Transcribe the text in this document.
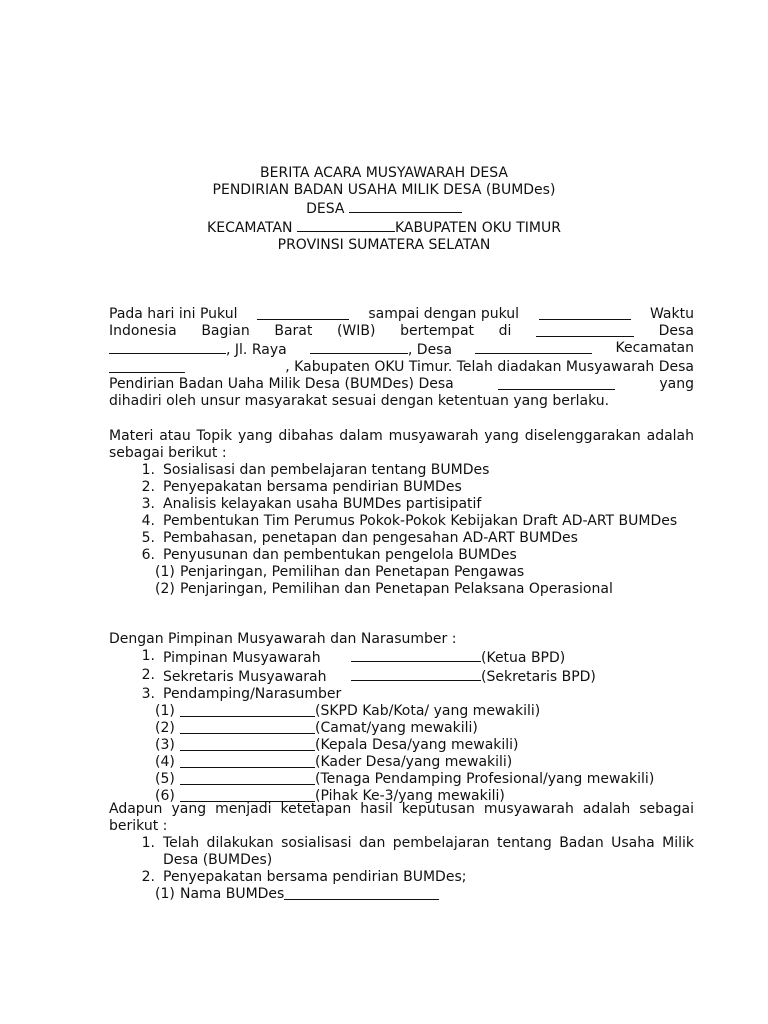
BERITA ACARA MUSYAWARAH DESA
PENDIRIAN BADAN USAHA MILIK DESA (BUMDes)
DESA
KECAMATAN	KABUPATEN OKU TIMUR
PROVINSI SUMATERA SELATAN
Pada hari ini Pukul	sampai dengan pukul	Waktu
Indonesia Bagian Barat (WIB) bertempat di	Desa
, Jl. Raya	, Desa	Kecamatan
, Kabupaten OKU Timur. Telah diadakan Musyawarah Desa
Pendirian Badan Uaha Milik Desa (BUMDes) Desa	yang
dihadiri oleh unsur masyarakat sesuai dengan ketentuan yang berlaku.
Materi atau Topik yang dibahas dalam musyawarah yang diselenggarakan adalah sebagai berikut :
1. Sosialisasi dan pembelajaran tentang BUMDes
2. Penyepakatan bersama pendirian BUMDes
3. Analisis kelayakan usaha BUMDes partisipatif
4. Pembentukan Tim Perumus Pokok-Pokok Kebijakan Draft AD-ART BUMDes
5. Pembahasan, penetapan dan pengesahan AD-ART BUMDes
6. Penyusunan dan pembentukan pengelola BUMDes
(1) Penjaringan, Pemilihan dan Penetapan Pengawas
(2) Penjaringan, Pemilihan dan Penetapan Pelaksana Operasional
Dengan Pimpinan Musyawarah dan Narasumber :
1. Pimpinan Musyawarah	(Ketua BPD)
2. Sekretaris Musyawarah	(Sekretaris BPD)
3. Pendamping/Narasumber
(1)	(SKPD Kab/Kota/ yang mewakili)
(2)	(Camat/yang mewakili)
(3)	(Kepala Desa/yang mewakili)
(4)	(Kader Desa/yang mewakili)
(5)	(Tenaga Pendamping Profesional/yang mewakili)
(6)	(Pihak Ke-3/yang mewakili)
Adapun yang menjadi ketetapan hasil keputusan musyawarah adalah sebagai berikut :
1. Telah dilakukan sosialisasi dan pembelajaran tentang Badan Usaha Milik Desa (BUMDes)
2. Penyepakatan bersama pendirian BUMDes;
(1) Nama BUMDes
